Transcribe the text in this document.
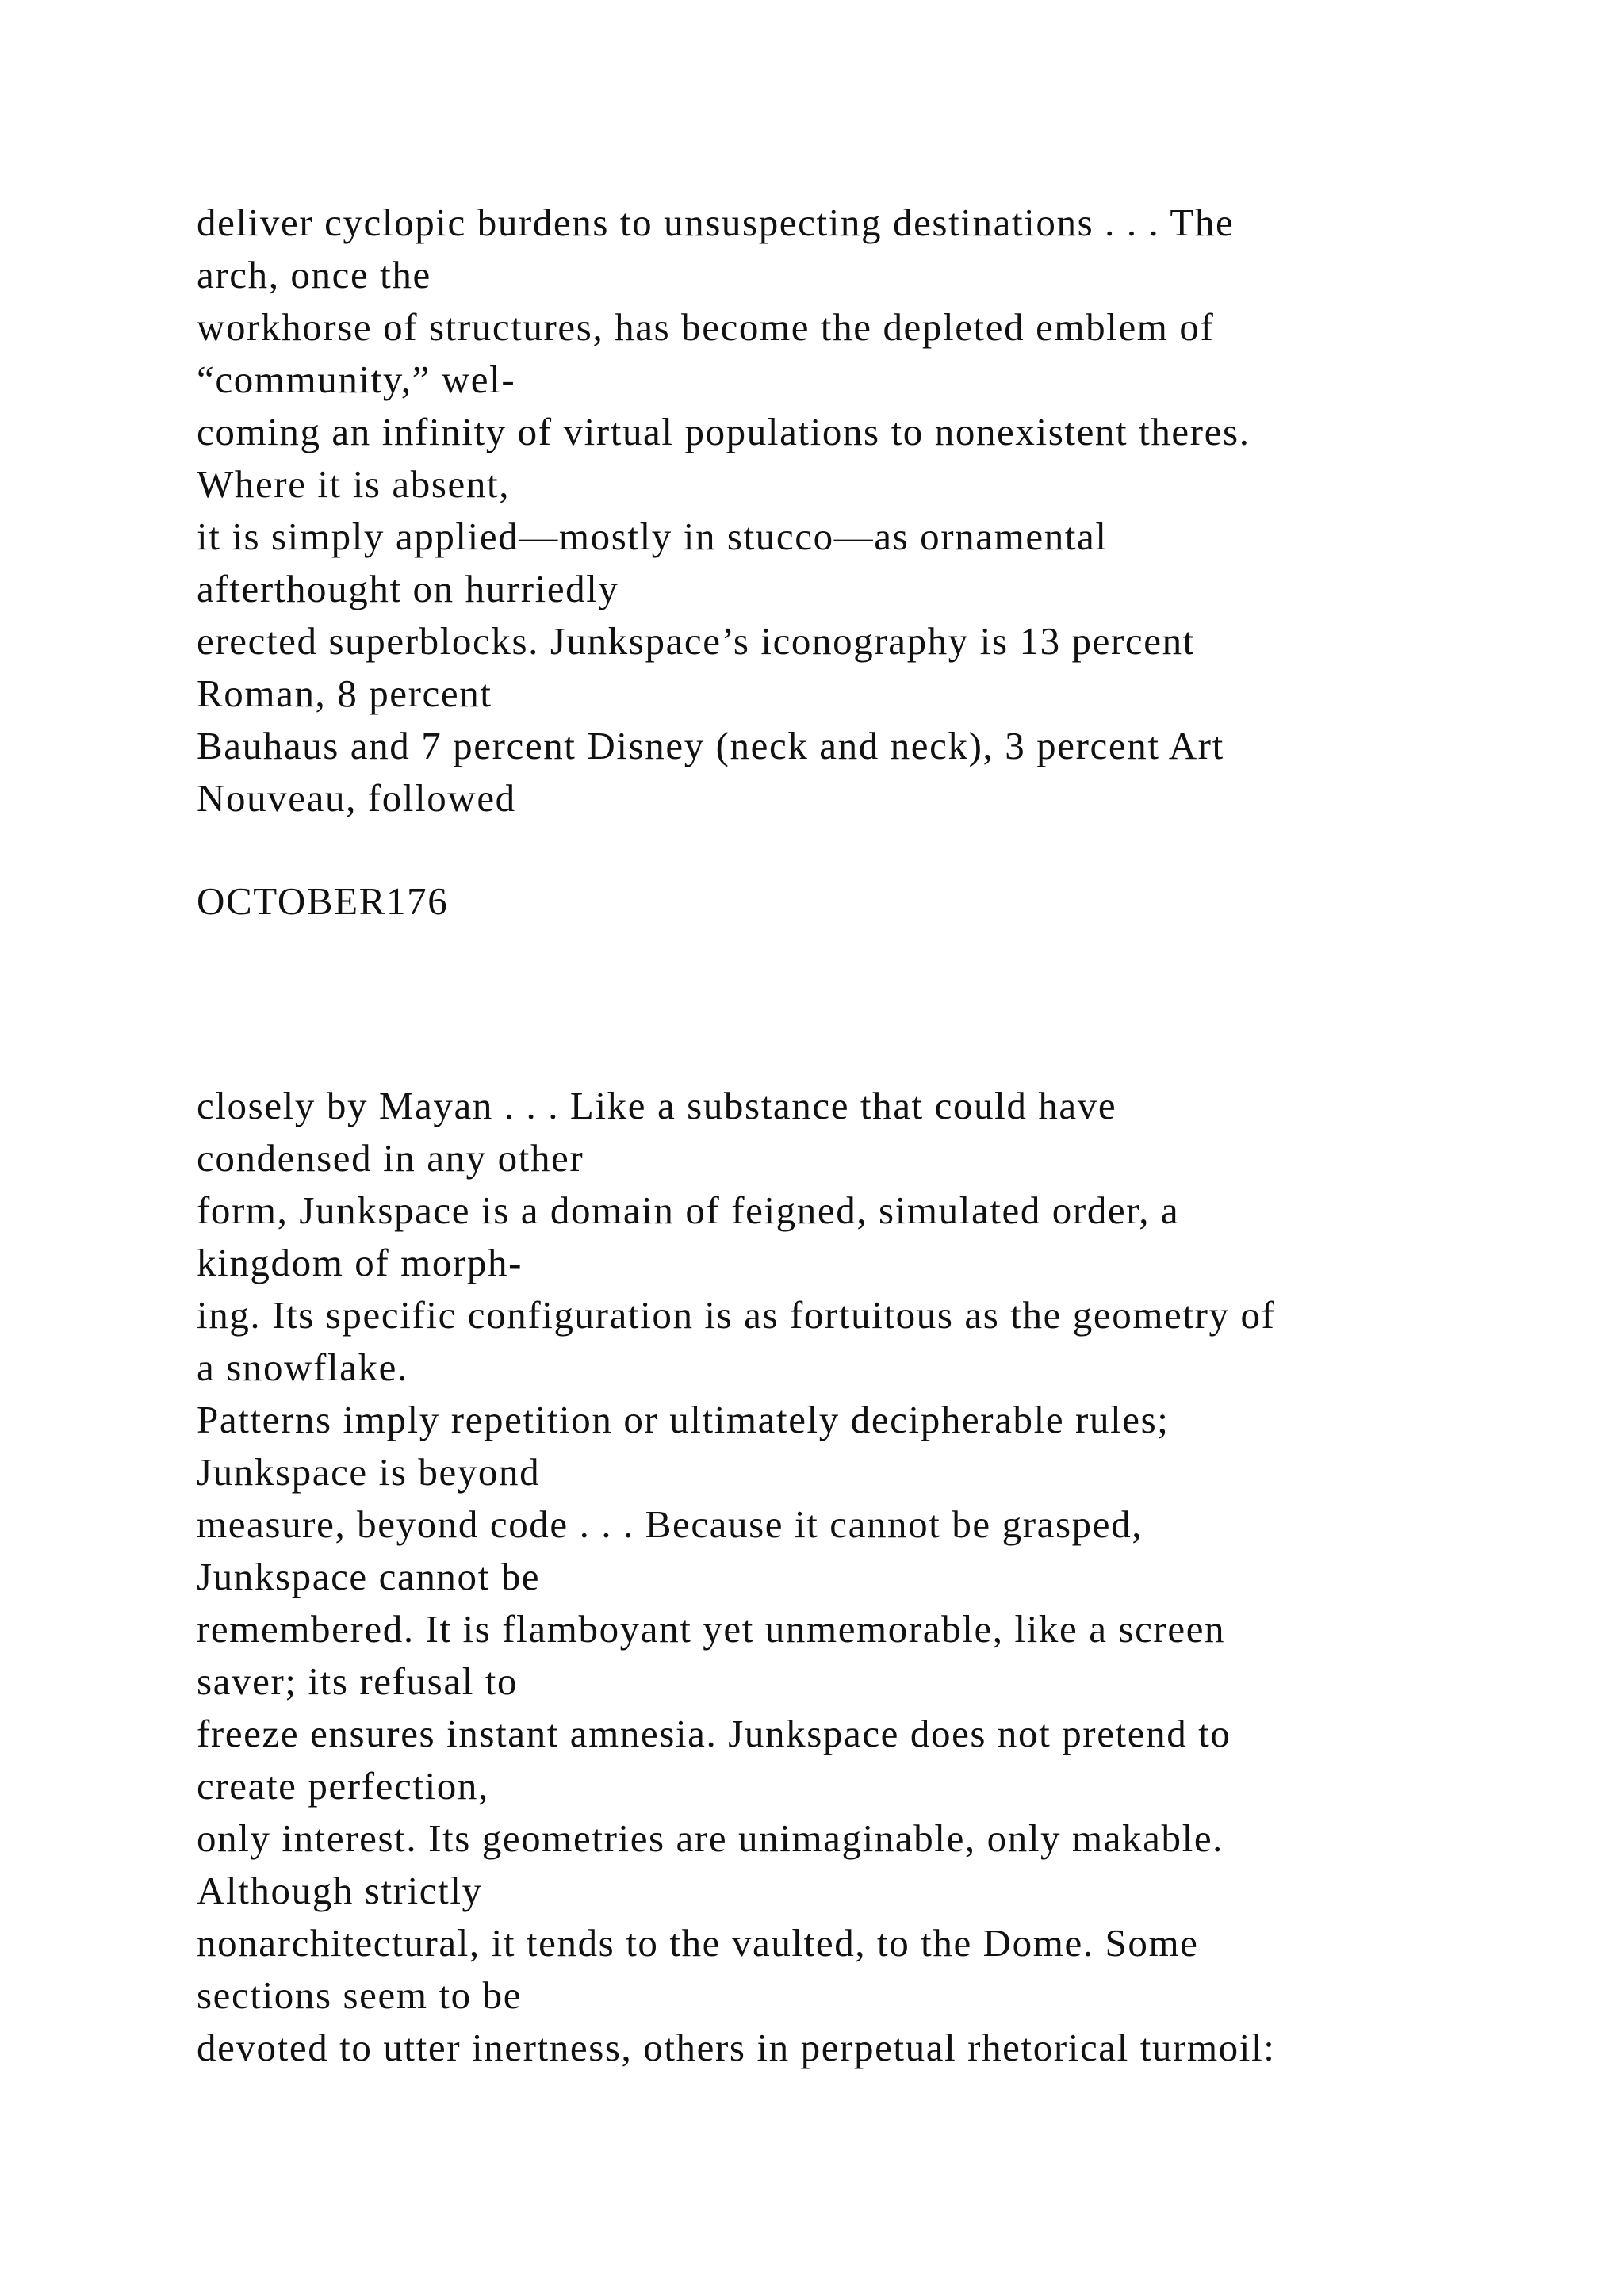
deliver cyclopic burdens to unsuspecting destinations . . . The
arch, once the
workhorse of structures, has become the depleted emblem of
“community,” wel-
coming an infinity of virtual populations to nonexistent theres.
Where it is absent,
it is simply applied—mostly in stucco—as ornamental
afterthought on hurriedly
erected superblocks. Junkspace’s iconography is 13 percent
Roman, 8 percent
Bauhaus and 7 percent Disney (neck and neck), 3 percent Art
Nouveau, followed
OCTOBER176
closely by Mayan . . . Like a substance that could have
condensed in any other
form, Junkspace is a domain of feigned, simulated order, a
kingdom of morph-
ing. Its specific configuration is as fortuitous as the geometry of
a snowflake.
Patterns imply repetition or ultimately decipherable rules;
Junkspace is beyond
measure, beyond code . . . Because it cannot be grasped,
Junkspace cannot be
remembered. It is flamboyant yet unmemorable, like a screen
saver; its refusal to
freeze ensures instant amnesia. Junkspace does not pretend to
create perfection,
only interest. Its geometries are unimaginable, only makable.
Although strictly
nonarchitectural, it tends to the vaulted, to the Dome. Some
sections seem to be
devoted to utter inertness, others in perpetual rhetorical turmoil:
